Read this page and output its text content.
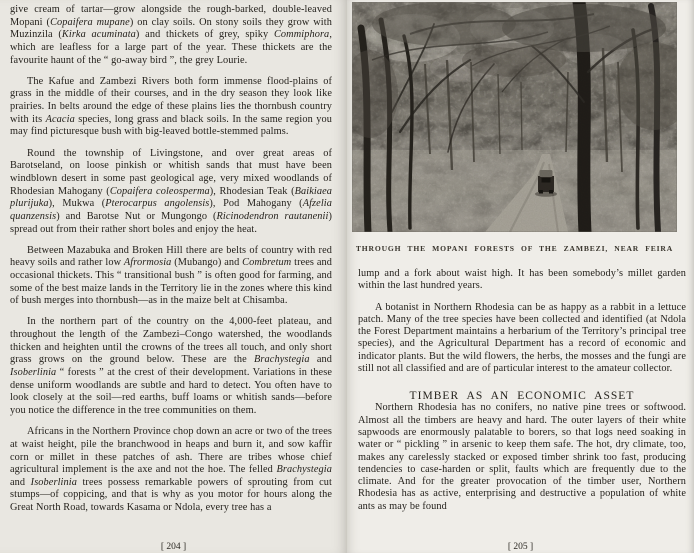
give cream of tartar—grow alongside the rough-barked, double-leaved Mopani (Copaifera mupane) on clay soils. On stony soils they grow with Muzinzila (Kirka acuminata) and thickets of grey, spiky Commiphora, which are leafless for a large part of the year. These thickets are the favourite haunt of the “ go-away bird ”, the grey Lourie.

The Kafue and Zambezi Rivers both form immense flood-plains of grass in the middle of their courses, and in the dry season they look like prairies. In belts around the edge of these plains lies the thornbush country with its Acacia species, long grass and black soils. In the same region you may find picturesque bush with big-leaved bottle-stemmed palms.

Round the township of Livingstone, and over great areas of Barotseland, on loose pinkish or whitish sands that must have been windblown desert in some past geological age, very mixed woodlands of Rhodesian Mahogany (Copaifera coleosperma), Rhodesian Teak (Baikiaea plurijuka), Mukwa (Pterocarpus angolensis), Pod Mahogany (Afzelia quanzensis) and Barotse Nut or Mungongo (Ricinodendron rautanenii) spread out from their rather short boles and enjoy the heat.

Between Mazabuka and Broken Hill there are belts of country with red heavy soils and rather low Afrormosia (Mubango) and Combretum trees and occasional thickets. This “ transitional bush ” is often good for farming, and some of the best maize lands in the Territory lie in the zones where this kind of bush merges into thornbush—as in the maize belt at Chisamba.

In the northern part of the country on the 4,000-feet plateau, and throughout the length of the Zambezi–Congo watershed, the woodlands thicken and heighten until the crowns of the trees all touch, and only short grass grows on the ground below. These are the Brachystegia and Isoberlinia “ forests ” at the crest of their development. Variations in these dense uniform woodlands are subtle and hard to detect. You often have to look closely at the soil—red earths, buff loams or whitish sands—before you notice the difference in the tree communities on them.

Africans in the Northern Province chop down an acre or two of the trees at waist height, pile the branchwood in heaps and burn it, and sow kaffir corn or millet in these patches of ash. There are tribes whose chief agricultural implement is the axe and not the hoe. The felled Brachystegia and Isoberlinia trees possess remarkable powers of sprouting from cut stumps—of coppicing, and that is why as you motor for hours along the Great North Road, towards Kasama or Ndola, every tree has a

[ 204 ]
THROUGH THE MOPANI FORESTS OF THE ZAMBEZI, NEAR FEIRA

lump and a fork about waist high. It has been somebody’s millet garden within the last hundred years.

A botanist in Northern Rhodesia can be as happy as a rabbit in a lettuce patch. Many of the tree species have been collected and identified (at Ndola the Forest Department maintains a herbarium of the Territory’s principal tree species), and the Agricultural Department has a record of economic and indicator plants. But the wild flowers, the herbs, the mosses and the fungi are still not all classified and are of particular interest to the amateur collector.

TIMBER AS AN ECONOMIC ASSET

Northern Rhodesia has no conifers, no native pine trees or softwood. Almost all the timbers are heavy and hard. The outer layers of their white sapwoods are enormously palatable to borers, so that logs need soaking in water or “ pickling ” in arsenic to keep them safe. The hot, dry climate, too, makes any carelessly stacked or exposed timber shrink too fast, producing tendencies to case-harden or split, faults which are frequently due to the climate. And for the greater provocation of the timber user, Northern Rhodesia has as active, enterprising and destructive a population of white ants as may be found

[ 205 ]
